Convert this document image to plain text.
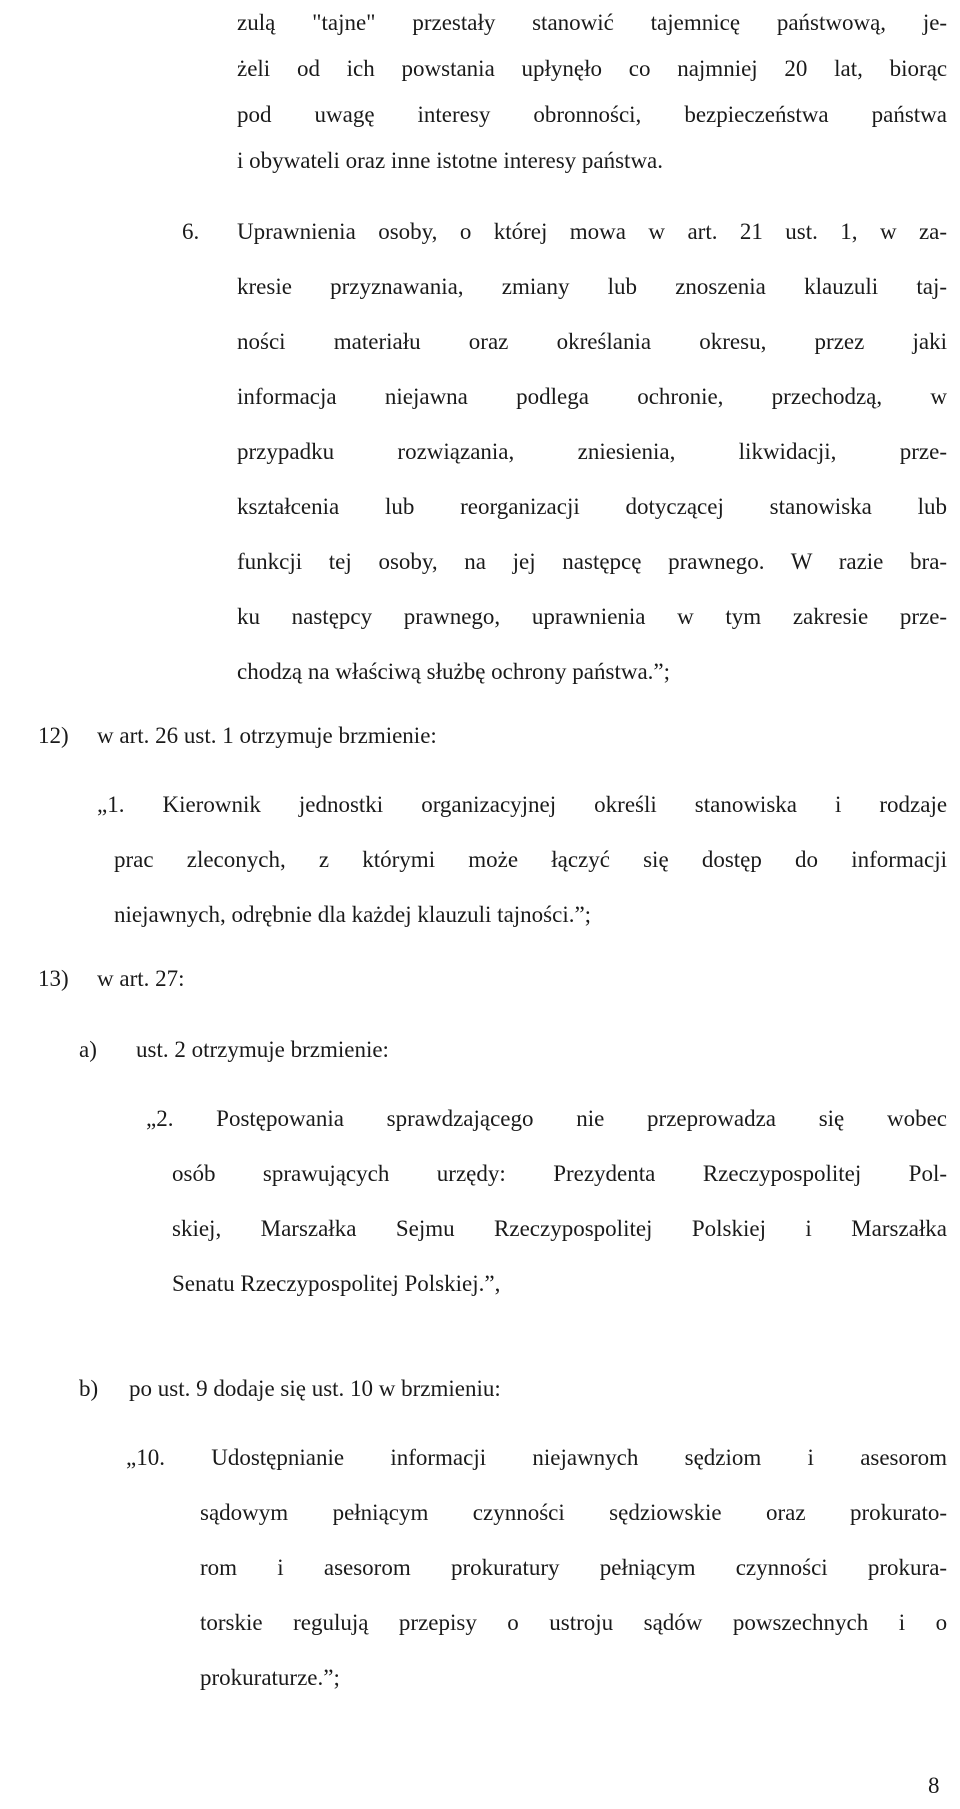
zulą "tajne" przestały stanowić tajemnicę państwową, je-
żeli od ich powstania upłynęło co najmniej 20 lat, biorąc
pod uwagę interesy obronności, bezpieczeństwa państwa
i obywateli oraz inne istotne interesy państwa.
6. Uprawnienia osoby, o której mowa w art. 21 ust. 1, w za-
kresie przyznawania, zmiany lub znoszenia klauzuli taj-
ności materiału oraz określania okresu, przez jaki
informacja niejawna podlega ochronie, przechodzą, w
przypadku	rozwiązania,	zniesienia,	likwidacji,	prze-
kształcenia lub reorganizacji dotyczącej stanowiska lub
funkcji tej osoby, na jej następcę prawnego. W razie bra-
ku następcy prawnego, uprawnienia w tym zakresie prze-
chodzą na właściwą służbę ochrony państwa.”;
12) w art. 26 ust. 1 otrzymuje brzmienie:
„1. Kierownik jednostki organizacyjnej określi stanowiska i rodzaje
prac zleconych, z którymi może łączyć się dostęp do informacji
niejawnych, odrębnie dla każdej klauzuli tajności.”;
13) w art. 27:
a) ust. 2 otrzymuje brzmienie:
„2. Postępowania sprawdzającego nie przeprowadza się wobec
osób sprawujących urzędy: Prezydenta Rzeczypospolitej Pol-
skiej, Marszałka Sejmu Rzeczypospolitej Polskiej i Marszałka
Senatu Rzeczypospolitej Polskiej.”,
b) po ust. 9 dodaje się ust. 10 w brzmieniu:
„10. Udostępnianie informacji niejawnych sędziom i asesorom
sądowym pełniącym czynności sędziowskie oraz prokurato-
rom i asesorom prokuratury pełniącym czynności prokura-
torskie regulują przepisy o ustroju sądów powszechnych i o
prokuraturze.”;
8
